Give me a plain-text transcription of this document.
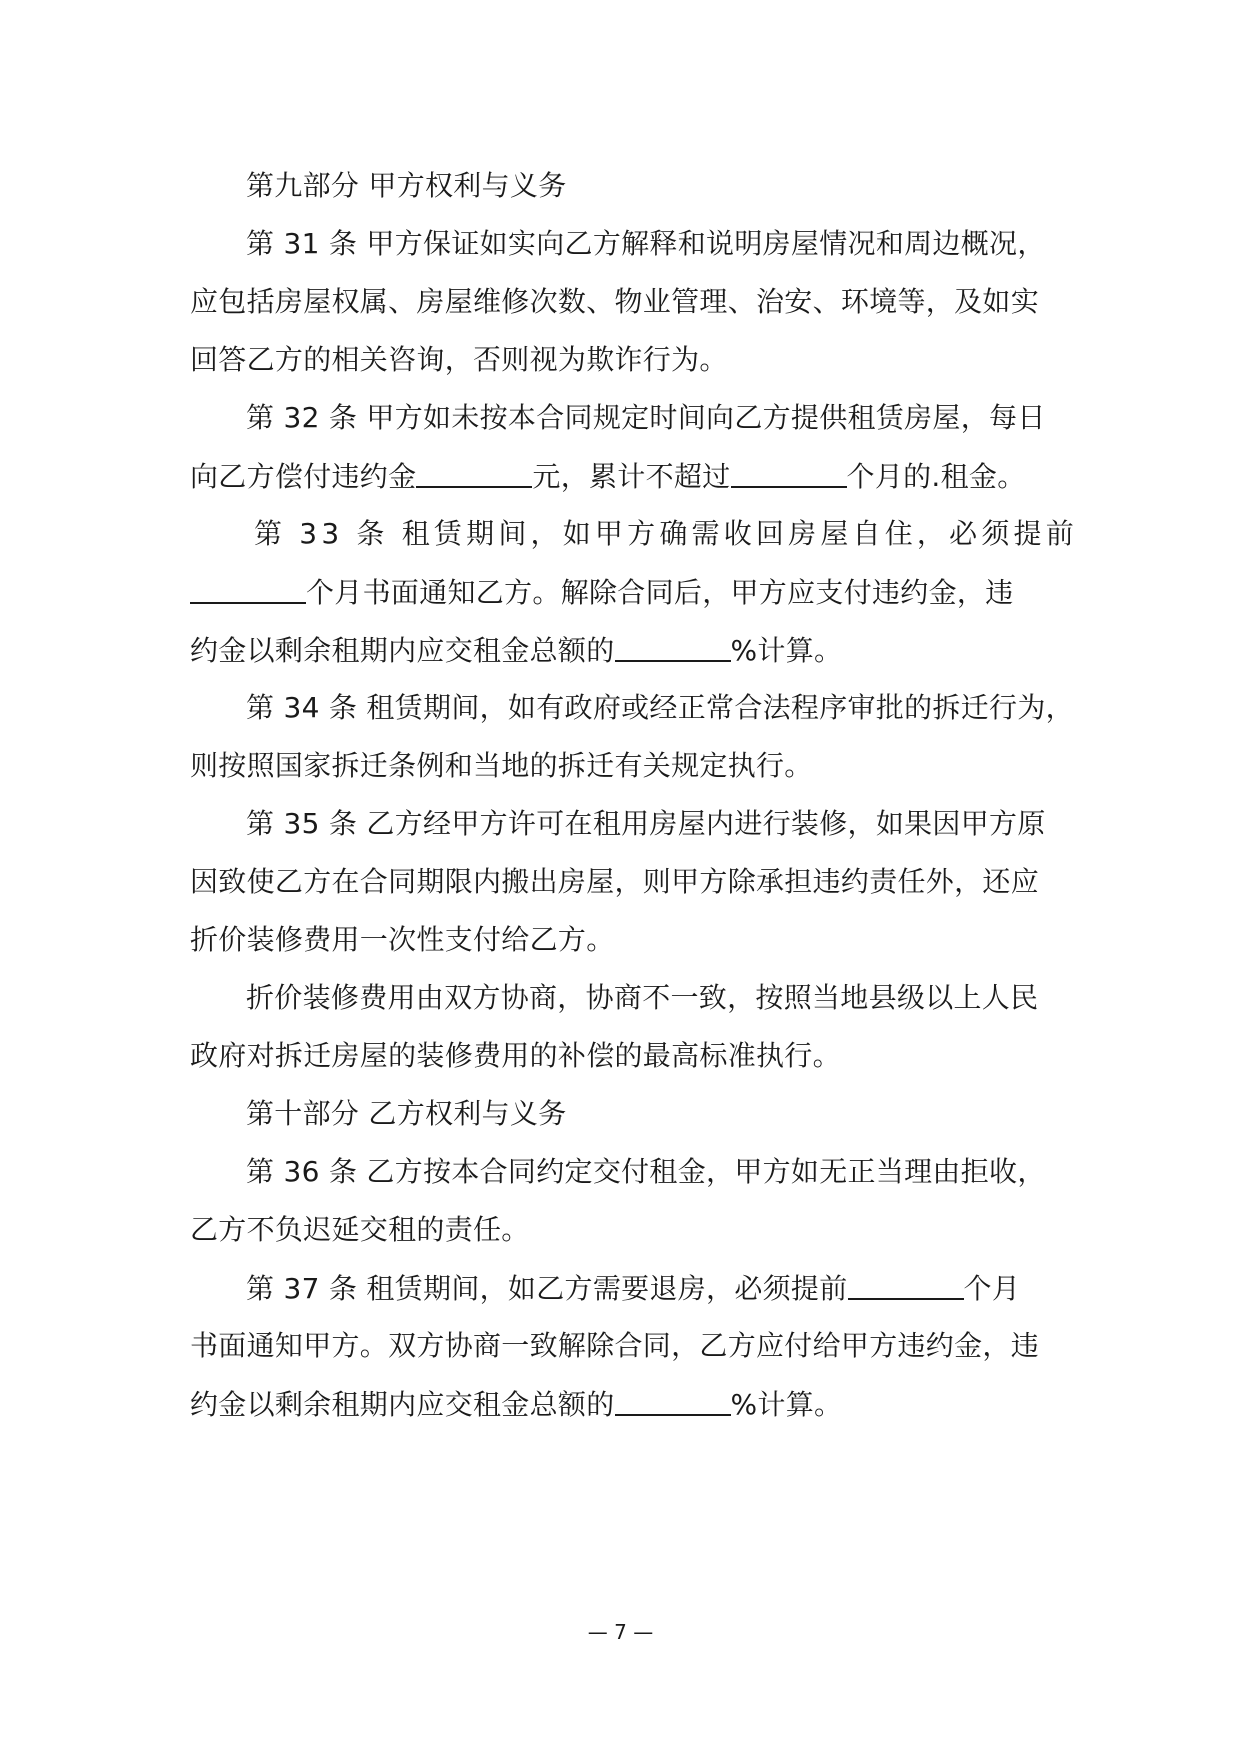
第九部分 甲方权利与义务
第 31 条 甲方保证如实向乙方解释和说明房屋情况和周边概况，
应包括房屋权属、房屋维修次数、物业管理、治安、环境等，及如实
回答乙方的相关咨询，否则视为欺诈行为。
第 32 条 甲方如未按本合同规定时间向乙方提供租赁房屋，每日
向乙方偿付违约金	元，累计不超过	个月的.租金。
第 33 条 租赁期间，如甲方确需收回房屋自住，必须提前
个月书面通知乙方。解除合同后，甲方应支付违约金，违
约金以剩余租期内应交租金总额的	%计算。
第 34 条 租赁期间，如有政府或经正常合法程序审批的拆迁行为，
则按照国家拆迁条例和当地的拆迁有关规定执行。
第 35 条 乙方经甲方许可在租用房屋内进行装修，如果因甲方原
因致使乙方在合同期限内搬出房屋，则甲方除承担违约责任外，还应
折价装修费用一次性支付给乙方。
折价装修费用由双方协商，协商不一致，按照当地县级以上人民
政府对拆迁房屋的装修费用的补偿的最高标准执行。
第十部分 乙方权利与义务
第 36 条 乙方按本合同约定交付租金，甲方如无正当理由拒收，
乙方不负迟延交租的责任。
第 37 条 租赁期间，如乙方需要退房，必须提前	个月
书面通知甲方。双方协商一致解除合同，乙方应付给甲方违约金，违
约金以剩余租期内应交租金总额的	%计算。
— 7 —
